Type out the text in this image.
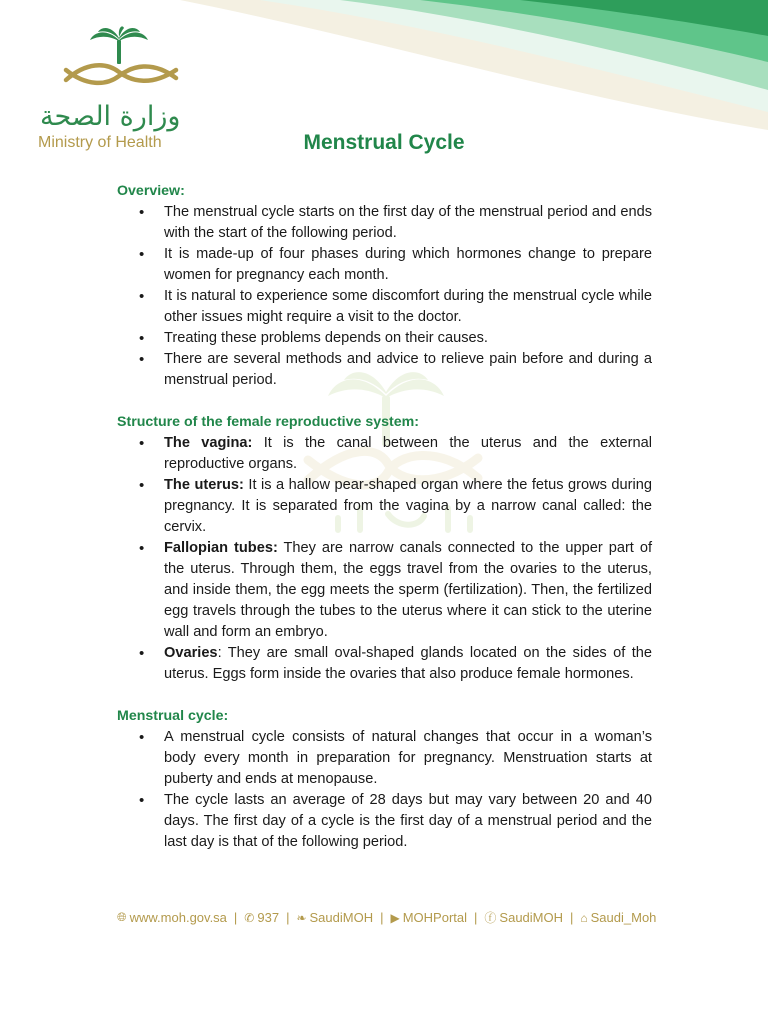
وزارة الصحة
Ministry of Health	Menstrual Cycle
Overview:
• The menstrual cycle starts on the first day of the menstrual period and ends with the start of the following period.
• It is made-up of four phases during which hormones change to prepare women for pregnancy each month.
• It is natural to experience some discomfort during the menstrual cycle while other issues might require a visit to the doctor.
• Treating these problems depends on their causes.
• There are several methods and advice to relieve pain before and during a menstrual period.
Structure of the female reproductive system:
• The vagina: It is the canal between the uterus and the external reproductive organs.
• The uterus: It is a hallow pear-shaped organ where the fetus grows during pregnancy. It is separated from the vagina by a narrow canal called: the cervix.
• Fallopian tubes: They are narrow canals connected to the upper part of the uterus. Through them, the eggs travel from the ovaries to the uterus, and inside them, the egg meets the sperm (fertilization). Then, the fertilized egg travels through the tubes to the uterus where it can stick to the uterine wall and form an embryo.
• Ovaries: They are small oval-shaped glands located on the sides of the uterus. Eggs form inside the ovaries that also produce female hormones.
Menstrual cycle:
• A menstrual cycle consists of natural changes that occur in a woman’s body every month in preparation for pregnancy. Menstruation starts at puberty and ends at menopause.
• The cycle lasts an average of 28 days but may vary between 20 and 40 days. The first day of a cycle is the first day of a menstrual period and the last day is that of the following period.
🌐︎ www.moh.gov.sa | ✆ 937 | ❧ SaudiMOH | ▶ MOHPortal | ⓕ SaudiMOH | ⌂ Saudi_Moh
